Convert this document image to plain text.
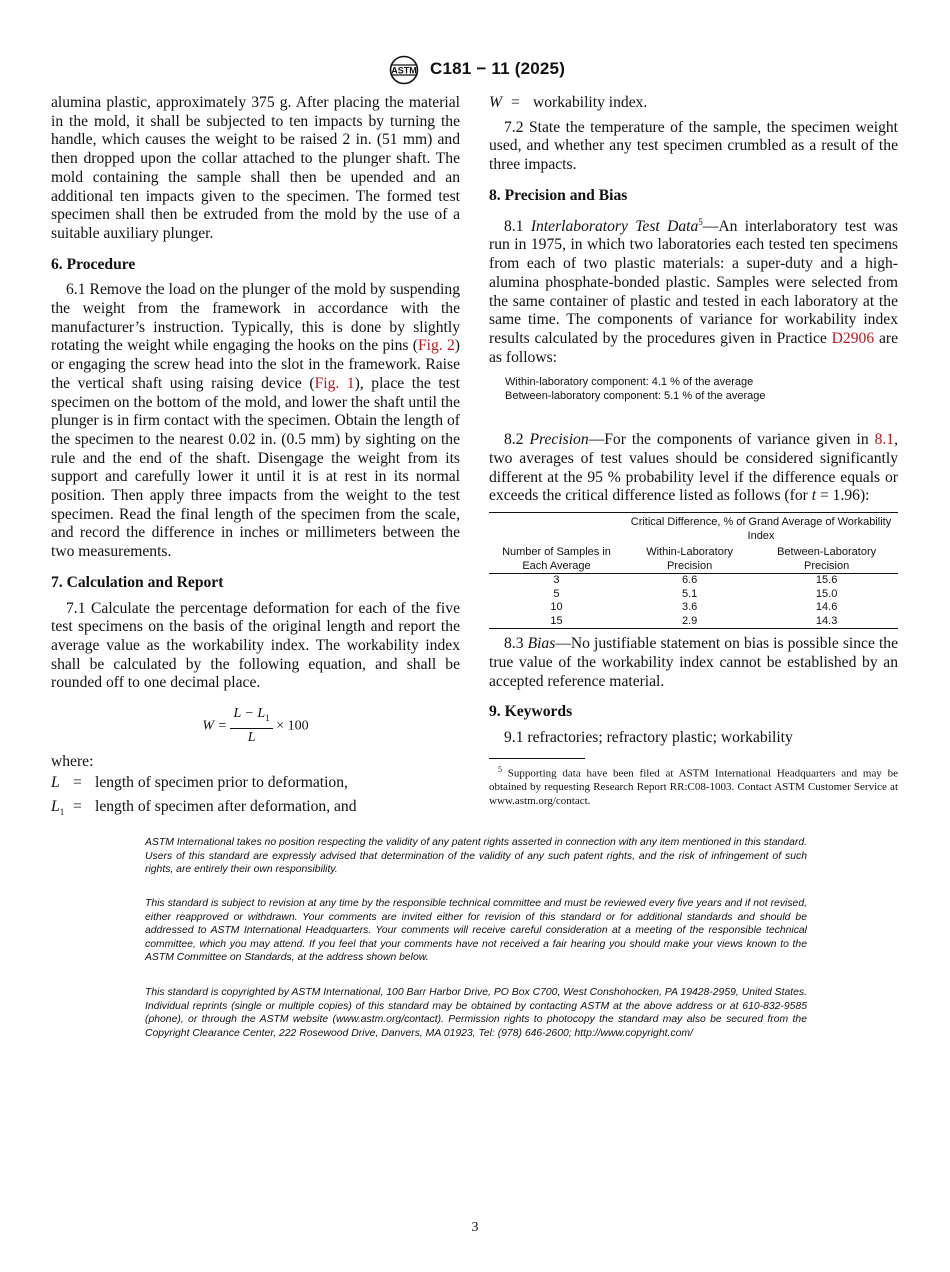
ASTM C181 − 11 (2025)

alumina plastic, approximately 375 g. After placing the material in the mold, it shall be subjected to ten impacts by turning the handle, which causes the weight to be raised 2 in. (51 mm) and then dropped upon the collar attached to the plunger shaft. The mold containing the sample shall then be upended and an additional ten impacts given to the specimen. The formed test specimen shall then be extruded from the mold by the use of a suitable auxiliary plunger.

6. Procedure

6.1 Remove the load on the plunger of the mold by suspending the weight from the framework in accordance with the manufacturer’s instruction. Typically, this is done by slightly rotating the weight while engaging the hooks on the pins (Fig. 2) or engaging the screw head into the slot in the framework. Raise the vertical shaft using raising device (Fig. 1), place the test specimen on the bottom of the mold, and lower the shaft until the plunger is in firm contact with the specimen. Obtain the length of the specimen to the nearest 0.02 in. (0.5 mm) by sighting on the rule and the end of the shaft. Disengage the weight from its support and carefully lower it until it is at rest in its normal position. Then apply three impacts from the weight to the test specimen. Read the final length of the specimen from the scale, and record the difference in inches or millimeters between the two measurements.

7. Calculation and Report

7.1 Calculate the percentage deformation for each of the five test specimens on the basis of the original length and report the average value as the workability index. The workability index shall be calculated by the following equation, and shall be rounded off to one decimal place.

$W = \frac{L - L_1}{L} \times 100$

where:

L = length of specimen prior to deformation,
$L_1$ = length of specimen after deformation, and
W = workability index.

7.2 State the temperature of the sample, the specimen weight used, and whether any test specimen crumbled as a result of the three impacts.

8. Precision and Bias

8.1 Interlaboratory Test Data$^5$—An interlaboratory test was run in 1975, in which two laboratories each tested ten specimens from each of two plastic materials: a super-duty and a high-alumina phosphate-bonded plastic. Samples were selected from the same container of plastic and tested in each laboratory at the same time. The components of variance for workability index results calculated by the procedures given in Practice D2906 are as follows:

Within-laboratory component: 4.1 % of the average
Between-laboratory component: 5.1 % of the average

8.2 Precision—For the components of variance given in 8.1, two averages of test values should be considered significantly different at the 95 % probability level if the difference equals or exceeds the critical difference listed as follows (for t = 1.96):

	Critical Difference, % of Grand Average of Workability Index	
Number of Samples in Each Average	Within-Laboratory Precision	Between-Laboratory Precision
3	6.6	15.6
5	5.1	15.0
10	3.6	14.6
15	2.9	14.3

8.3 Bias—No justifiable statement on bias is possible since the true value of the workability index cannot be established by an accepted reference material.

9. Keywords

9.1 refractories; refractory plastic; workability

$^5$ Supporting data have been filed at ASTM International Headquarters and may be obtained by requesting Research Report RR:C08-1003. Contact ASTM Customer Service at www.astm.org/contact.

ASTM International takes no position respecting the validity of any patent rights asserted in connection with any item mentioned in this standard. Users of this standard are expressly advised that determination of the validity of any such patent rights, and the risk of infringement of such rights, are entirely their own responsibility.
This standard is subject to revision at any time by the responsible technical committee and must be reviewed every five years and if not revised, either reapproved or withdrawn. Your comments are invited either for revision of this standard or for additional standards and should be addressed to ASTM International Headquarters. Your comments will receive careful consideration at a meeting of the responsible technical committee, which you may attend. If you feel that your comments have not received a fair hearing you should make your views known to the ASTM Committee on Standards, at the address shown below.
This standard is copyrighted by ASTM International, 100 Barr Harbor Drive, PO Box C700, West Conshohocken, PA 19428-2959, United States. Individual reprints (single or multiple copies) of this standard may be obtained by contacting ASTM at the above address or at 610-832-9585 (phone), or through the ASTM website (www.astm.org/contact). Permission rights to photocopy the standard may also be secured from the Copyright Clearance Center, 222 Rosewood Drive, Danvers, MA 01923, Tel: (978) 646-2600; http://www.copyright.com/
3
